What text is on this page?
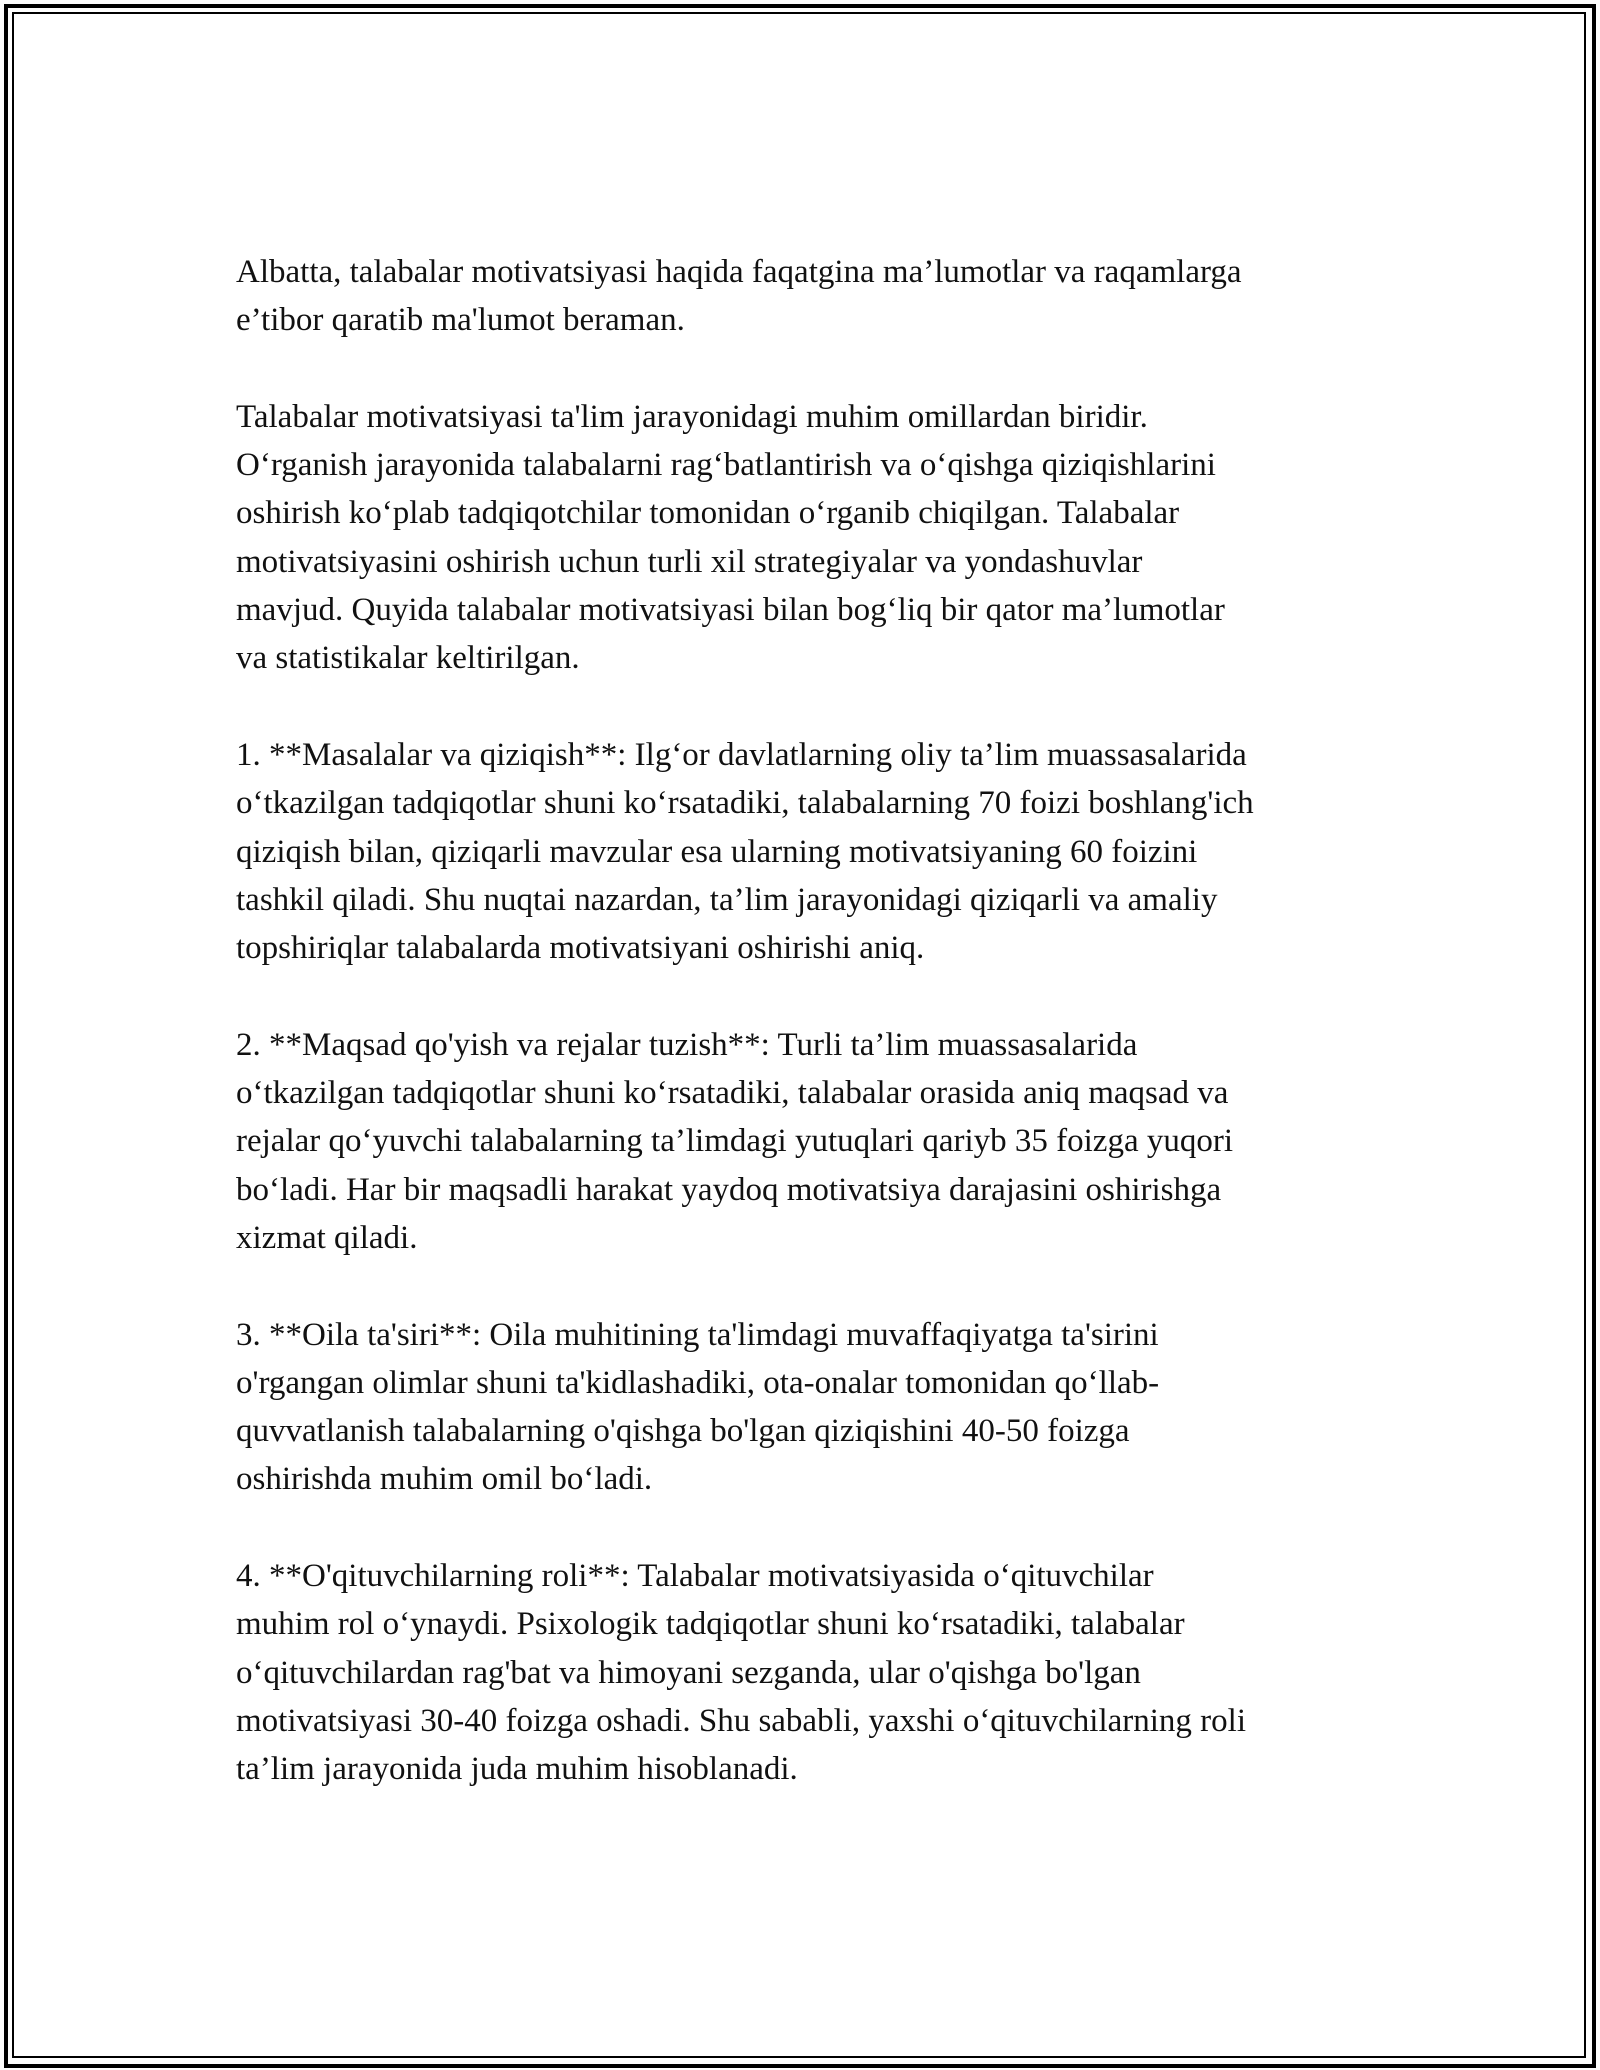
Albatta, talabalar motivatsiyasi haqida faqatgina ma’lumotlar va raqamlarga
e’tibor qaratib ma'lumot beraman.

Talabalar motivatsiyasi ta'lim jarayonidagi muhim omillardan biridir.
O‘rganish jarayonida talabalarni rag‘batlantirish va o‘qishga qiziqishlarini
oshirish ko‘plab tadqiqotchilar tomonidan o‘rganib chiqilgan. Talabalar
motivatsiyasini oshirish uchun turli xil strategiyalar va yondashuvlar
mavjud. Quyida talabalar motivatsiyasi bilan bog‘liq bir qator ma’lumotlar
va statistikalar keltirilgan.

1. **Masalalar va qiziqish**: Ilg‘or davlatlarning oliy ta’lim muassasalarida
o‘tkazilgan tadqiqotlar shuni ko‘rsatadiki, talabalarning 70 foizi boshlang'ich
qiziqish bilan, qiziqarli mavzular esa ularning motivatsiyaning 60 foizini
tashkil qiladi. Shu nuqtai nazardan, ta’lim jarayonidagi qiziqarli va amaliy
topshiriqlar talabalarda motivatsiyani oshirishi aniq.

2. **Maqsad qo'yish va rejalar tuzish**: Turli ta’lim muassasalarida
o‘tkazilgan tadqiqotlar shuni ko‘rsatadiki, talabalar orasida aniq maqsad va
rejalar qo‘yuvchi talabalarning ta’limdagi yutuqlari qariyb 35 foizga yuqori
bo‘ladi. Har bir maqsadli harakat yaydoq motivatsiya darajasini oshirishga
xizmat qiladi.

3. **Oila ta'siri**: Oila muhitining ta'limdagi muvaffaqiyatga ta'sirini
o'rgangan olimlar shuni ta'kidlashadiki, ota-onalar tomonidan qo‘llab-
quvvatlanish talabalarning o'qishga bo'lgan qiziqishini 40-50 foizga
oshirishda muhim omil bo‘ladi.

4. **O'qituvchilarning roli**: Talabalar motivatsiyasida o‘qituvchilar
muhim rol o‘ynaydi. Psixologik tadqiqotlar shuni ko‘rsatadiki, talabalar
o‘qituvchilardan rag'bat va himoyani sezganda, ular o'qishga bo'lgan
motivatsiyasi 30-40 foizga oshadi. Shu sababli, yaxshi o‘qituvchilarning roli
ta’lim jarayonida juda muhim hisoblanadi.
